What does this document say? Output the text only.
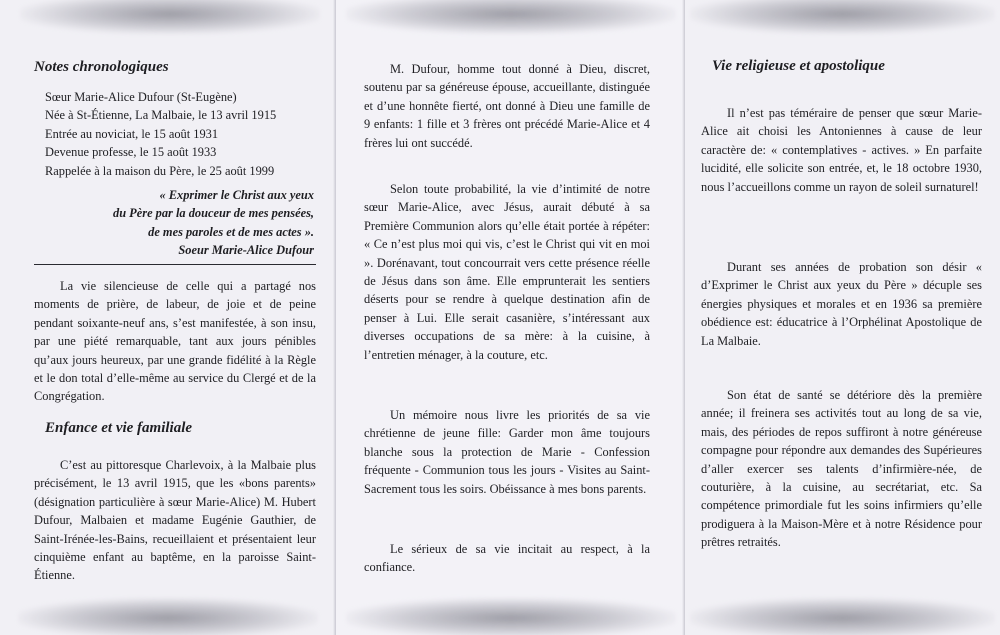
Notes chronologiques
Sœur Marie-Alice Dufour (St-Eugène)
Née à St-Étienne, La Malbaie, le 13 avril 1915
Entrée au noviciat, le 15 août 1931
Devenue professe, le 15 août 1933
Rappelée à la maison du Père, le 25 août 1999
« Exprimer le Christ aux yeux
du Père par la douceur de mes pensées,
de mes paroles et de mes actes ».
Soeur Marie-Alice Dufour

La vie silencieuse de celle qui a partagé nos moments de prière, de labeur, de joie et de peine pendant soixante-neuf ans, s’est manifestée, à son insu, par une piété remarquable, tant aux jours pénibles qu’aux jours heureux, par une grande fidélité à la Règle et le don total d’elle-même au service du Clergé et de la Congrégation.

Enfance et vie familiale

C’est au pittoresque Charlevoix, à la Malbaie plus précisément, le 13 avril 1915, que les «bons parents» (désignation particulière à sœur Marie-Alice) M. Hubert Dufour, Malbaien et madame Eugénie Gauthier, de Saint-Irénée-les-Bains, recueillaient et présentaient leur cinquième enfant au baptême, en la paroisse Saint-Étienne.

M. Dufour, homme tout donné à Dieu, discret, soutenu par sa généreuse épouse, accueillante, distinguée et d’une honnête fierté, ont donné à Dieu une famille de 9 enfants: 1 fille et 3 frères ont précédé Marie-Alice et 4 frères lui ont succédé.

Selon toute probabilité, la vie d’intimité de notre sœur Marie-Alice, avec Jésus, aurait débuté à sa Première Communion alors qu’elle était portée à répéter: « Ce n’est plus moi qui vis, c’est le Christ qui vit en moi ». Dorénavant, tout concourrait vers cette présence réelle de Jésus dans son âme. Elle emprunterait les sentiers déserts pour se rendre à quelque destination afin de penser à Lui. Elle serait casanière, s’intéressant aux diverses occupations de sa mère: à la cuisine, à l’entretien ménager, à la couture, etc.

Un mémoire nous livre les priorités de sa vie chrétienne de jeune fille: Garder mon âme toujours blanche sous la protection de Marie - Confession fréquente - Communion tous les jours - Visites au Saint-Sacrement tous les soirs. Obéissance à mes bons parents.

Le sérieux de sa vie incitait au respect, à la confiance.

Vie religieuse et apostolique

Il n’est pas téméraire de penser que sœur Marie-Alice ait choisi les Antoniennes à cause de leur caractère de: « contemplatives - actives. » En parfaite lucidité, elle solicite son entrée, et, le 18 octobre 1930, nous l’accueillons comme un rayon de soleil surnaturel!

Durant ses années de probation son désir « d’Exprimer le Christ aux yeux du Père » décuple ses énergies physiques et morales et en 1936 sa première obédience est: éducatrice à l’Orphélinat Apostolique de La Malbaie.

Son état de santé se détériore dès la première année; il freinera ses activités tout au long de sa vie, mais, des périodes de repos suffiront à notre généreuse compagne pour répondre aux demandes des Supérieures d’aller exercer ses talents d’infirmière-née, de couturière, à la cuisine, au secrétariat, etc. Sa compétence primordiale fut les soins infirmiers qu’elle prodiguera à la Maison-Mère et à notre Résidence pour prêtres retraités.
